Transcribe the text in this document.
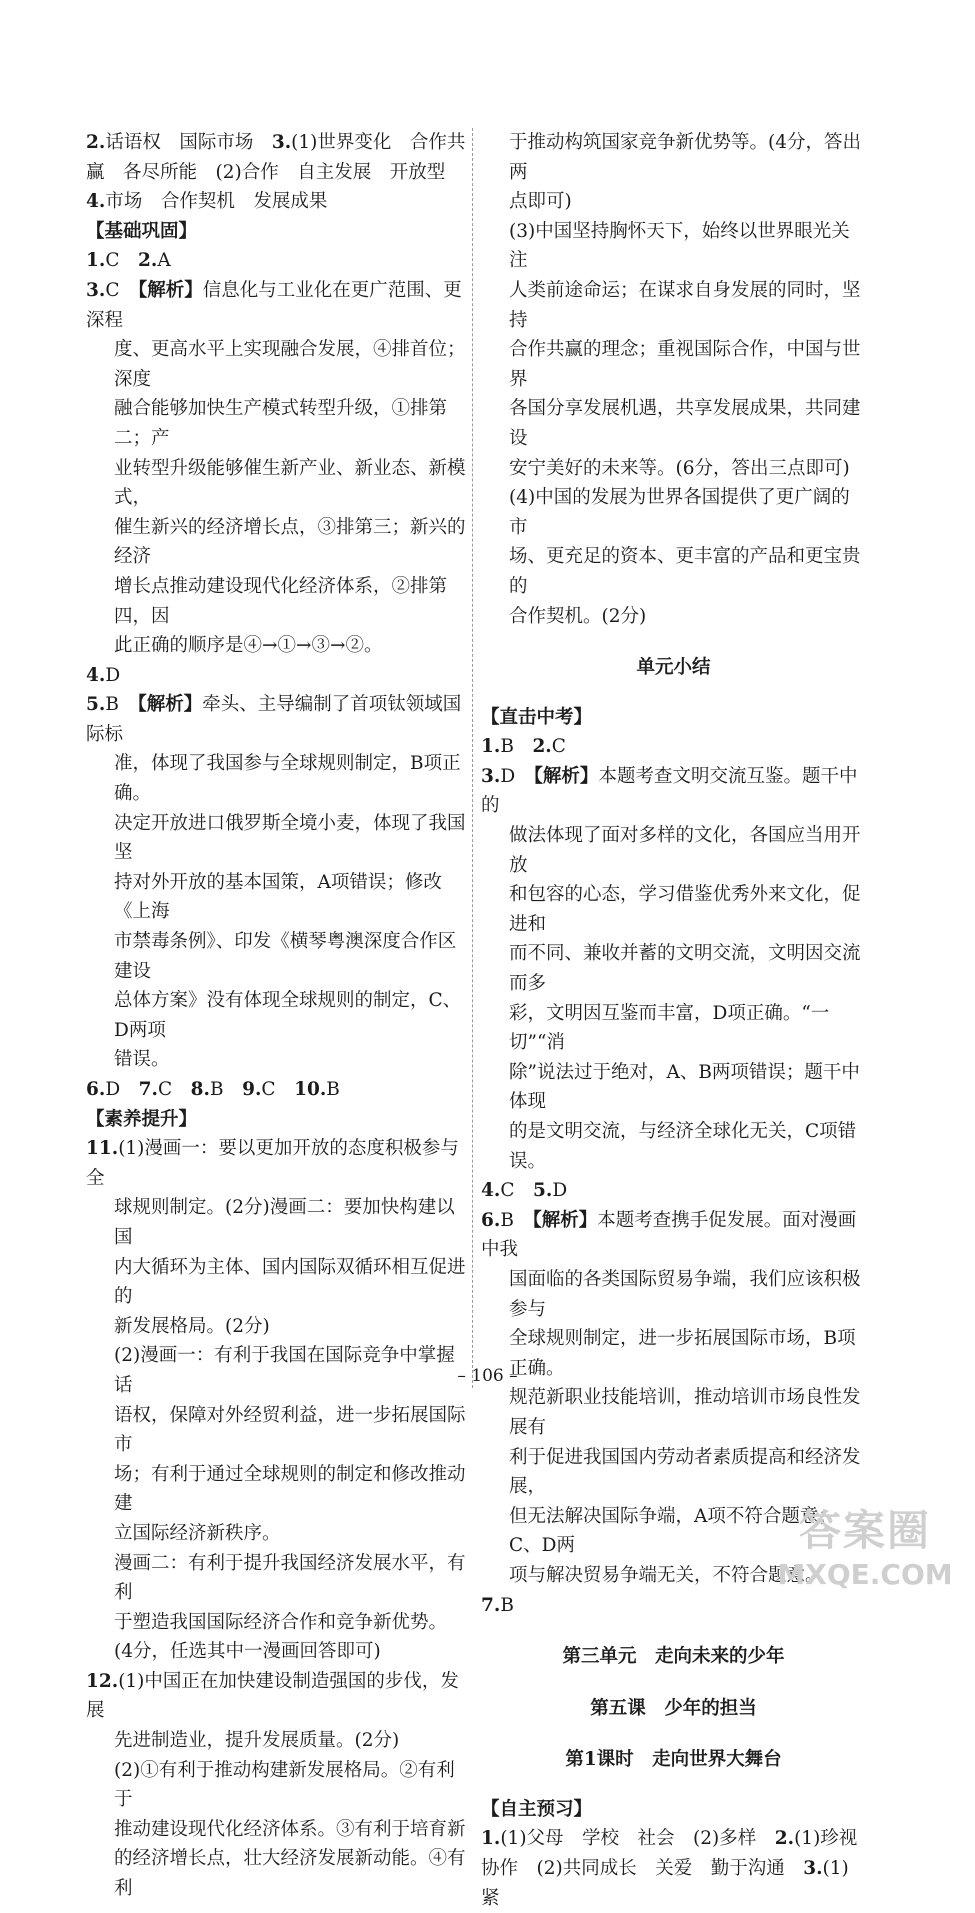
2.话语权　国际市场　3.(1)世界变化　合作共
赢　各尽所能　(2)合作　自主发展　开放型
4.市场　合作契机　发展成果
【基础巩固】
1.C　2.A
3.C　【解析】信息化与工业化在更广范围、更深程
度、更高水平上实现融合发展，④排首位；深度
融合能够加快生产模式转型升级，①排第二；产
业转型升级能够催生新产业、新业态、新模式，
催生新兴的经济增长点，③排第三；新兴的经济
增长点推动建设现代化经济体系，②排第四，因
此正确的顺序是④→①→③→②。
4.D
5.B　【解析】牵头、主导编制了首项钛领域国际标
准，体现了我国参与全球规则制定，B项正确。
决定开放进口俄罗斯全境小麦，体现了我国坚
持对外开放的基本国策，A项错误；修改《上海
市禁毒条例》、印发《横琴粤澳深度合作区建设
总体方案》没有体现全球规则的制定，C、D两项
错误。
6.D　7.C　8.B　9.C　10.B
【素养提升】
11.(1)漫画一：要以更加开放的态度积极参与全
球规则制定。(2分)漫画二：要加快构建以国
内大循环为主体、国内国际双循环相互促进的
新发展格局。(2分)
(2)漫画一：有利于我国在国际竞争中掌握话
语权，保障对外经贸利益，进一步拓展国际市
场；有利于通过全球规则的制定和修改推动建
立国际经济新秩序。
漫画二：有利于提升我国经济发展水平，有利
于塑造我国国际经济合作和竞争新优势。
(4分，任选其中一漫画回答即可)
12.(1)中国正在加快建设制造强国的步伐，发展
先进制造业，提升发展质量。(2分)
(2)①有利于推动构建新发展格局。②有利于
推动建设现代化经济体系。③有利于培育新
的经济增长点，壮大经济发展新动能。④有利
于推动构筑国家竞争新优势等。(4分，答出两
点即可)
(3)中国坚持胸怀天下，始终以世界眼光关注
人类前途命运；在谋求自身发展的同时，坚持
合作共赢的理念；重视国际合作，中国与世界
各国分享发展机遇，共享发展成果，共同建设
安宁美好的未来等。(6分，答出三点即可)
(4)中国的发展为世界各国提供了更广阔的市
场、更充足的资本、更丰富的产品和更宝贵的
合作契机。(2分)
单元小结
【直击中考】
1.B　2.C
3.D　【解析】本题考查文明交流互鉴。题干中的
做法体现了面对多样的文化，各国应当用开放
和包容的心态，学习借鉴优秀外来文化，促进和
而不同、兼收并蓄的文明交流，文明因交流而多
彩，文明因互鉴而丰富，D项正确。“一切”“消
除”说法过于绝对，A、B两项错误；题干中体现
的是文明交流，与经济全球化无关，C项错误。
4.C　5.D
6.B　【解析】本题考查携手促发展。面对漫画中我
国面临的各类国际贸易争端，我们应该积极参与
全球规则制定，进一步拓展国际市场，B项正确。
规范新职业技能培训，推动培训市场良性发展有
利于促进我国国内劳动者素质提高和经济发展，
但无法解决国际争端，A项不符合题意；C、D两
项与解决贸易争端无关，不符合题意。
7.B
第三单元　走向未来的少年
第五课　少年的担当
第1课时　走向世界大舞台
【自主预习】
1.(1)父母　学校　社会　(2)多样　2.(1)珍视
协作　(2)共同成长　关爱　勤于沟通　3.(1)紧
– 106 –
答案圈
MXQE.COM
